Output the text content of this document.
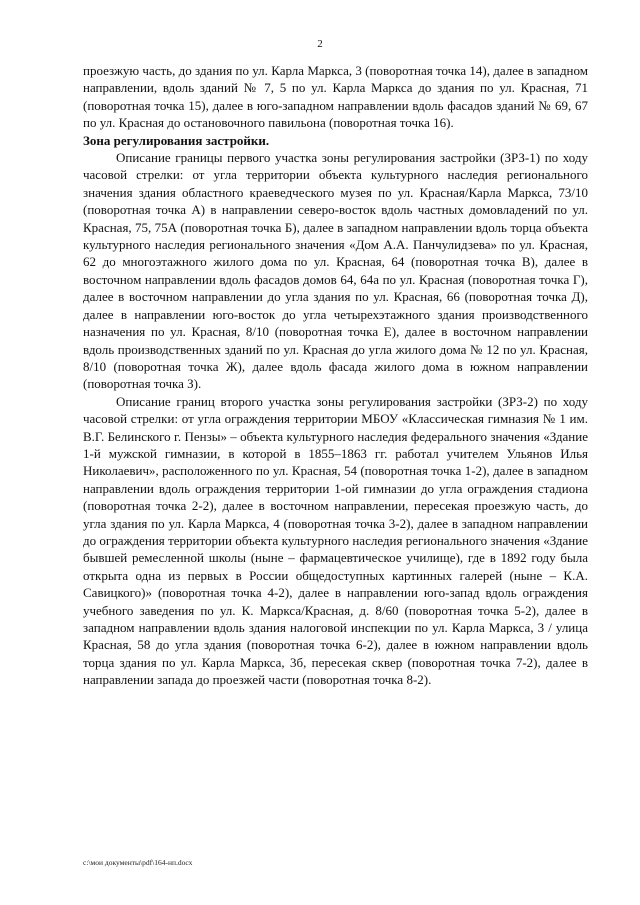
2

проезжую часть, до здания по ул. Карла Маркса, 3 (поворотная точка 14), далее в западном направлении, вдоль зданий № 7, 5 по ул. Карла Маркса до здания по ул. Красная, 71 (поворотная точка 15), далее в юго-западном направлении вдоль фасадов зданий № 69, 67 по ул. Красная до остановочного павильона (поворотная точка 16).

Зона регулирования застройки.

Описание границы первого участка зоны регулирования застройки (ЗРЗ-1) по ходу часовой стрелки: от угла территории объекта культурного наследия регионального значения здания областного краеведческого музея по ул. Красная/Карла Маркса, 73/10 (поворотная точка А) в направлении северо-восток вдоль частных домовладений по ул. Красная, 75, 75А (поворотная точка Б), далее в западном направлении вдоль торца объекта культурного наследия регионального значения «Дом А.А. Панчулидзева» по ул. Красная, 62 до многоэтажного жилого дома по ул. Красная, 64 (поворотная точка В), далее в восточном направлении вдоль фасадов домов 64, 64а по ул. Красная (поворотная точка Г), далее в восточном направлении до угла здания по ул. Красная, 66 (поворотная точка Д), далее в направлении юго-восток до угла четырехэтажного здания производственного назначения по ул. Красная, 8/10 (поворотная точка Е), далее в восточном направлении вдоль производственных зданий по ул. Красная до угла жилого дома № 12 по ул. Красная, 8/10 (поворотная точка Ж), далее вдоль фасада жилого дома в южном направлении (поворотная точка З).

Описание границ второго участка зоны регулирования застройки (ЗРЗ-2) по ходу часовой стрелки: от угла ограждения территории МБОУ «Классическая гимназия № 1 им. В.Г. Белинского г. Пензы» – объекта культурного наследия федерального значения «Здание 1-й мужской гимназии, в которой в 1855–1863 гг. работал учителем Ульянов Илья Николаевич», расположенного по ул. Красная, 54 (поворотная точка 1-2), далее в западном направлении вдоль ограждения территории 1-ой гимназии до угла ограждения стадиона (поворотная точка 2-2), далее в восточном направлении, пересекая проезжую часть, до угла здания по ул. Карла Маркса, 4 (поворотная точка 3-2), далее в западном направлении до ограждения территории объекта культурного наследия регионального значения «Здание бывшей ремесленной школы (ныне – фармацевтическое училище), где в 1892 году была открыта одна из первых в России общедоступных картинных галерей (ныне – К.А. Савицкого)» (поворотная точка 4-2), далее в направлении юго-запад вдоль ограждения учебного заведения по ул. К. Маркса/Красная, д. 8/60 (поворотная точка 5-2), далее в западном направлении вдоль здания налоговой инспекции по ул. Карла Маркса, 3 / улица Красная, 58 до угла здания (поворотная точка 6-2), далее в южном направлении вдоль торца здания по ул. Карла Маркса, 3б, пересекая сквер (поворотная точка 7-2), далее в направлении запада до проезжей части (поворотная точка 8-2).

c:\мои документы\pdf\164-нп.docx
